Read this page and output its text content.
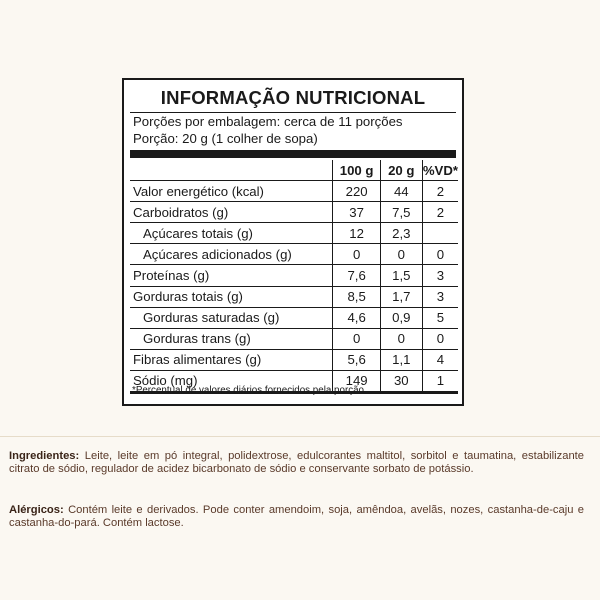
INFORMAÇÃO NUTRICIONAL
Porções por embalagem: cerca de 11 porções
Porção: 20 g (1 colher de sopa)
	100 g	20 g	%VD*
Valor energético (kcal)	220	44	2
Carboidratos (g)	37	7,5	2
Açúcares totais (g)	12	2,3	
Açúcares adicionados (g)	0	0	0
Proteínas (g)	7,6	1,5	3
Gorduras totais (g)	8,5	1,7	3
Gorduras saturadas (g)	4,6	0,9	5
Gorduras trans (g)	0	0	0
Fibras alimentares (g)	5,6	1,1	4
Sódio (mg)	149	30	1
*Percentual de valores diários fornecidos pela porção.
Ingredientes: Leite, leite em pó integral, polidextrose, edulcorantes maltitol, sorbitol e taumatina, estabilizante citrato de sódio, regulador de acidez bicarbonato de sódio e conservante sorbato de potássio.
Alérgicos: Contém leite e derivados. Pode conter amendoim, soja, amêndoa, avelãs, nozes, castanha-de-caju e castanha-do-pará. Contém lactose.
